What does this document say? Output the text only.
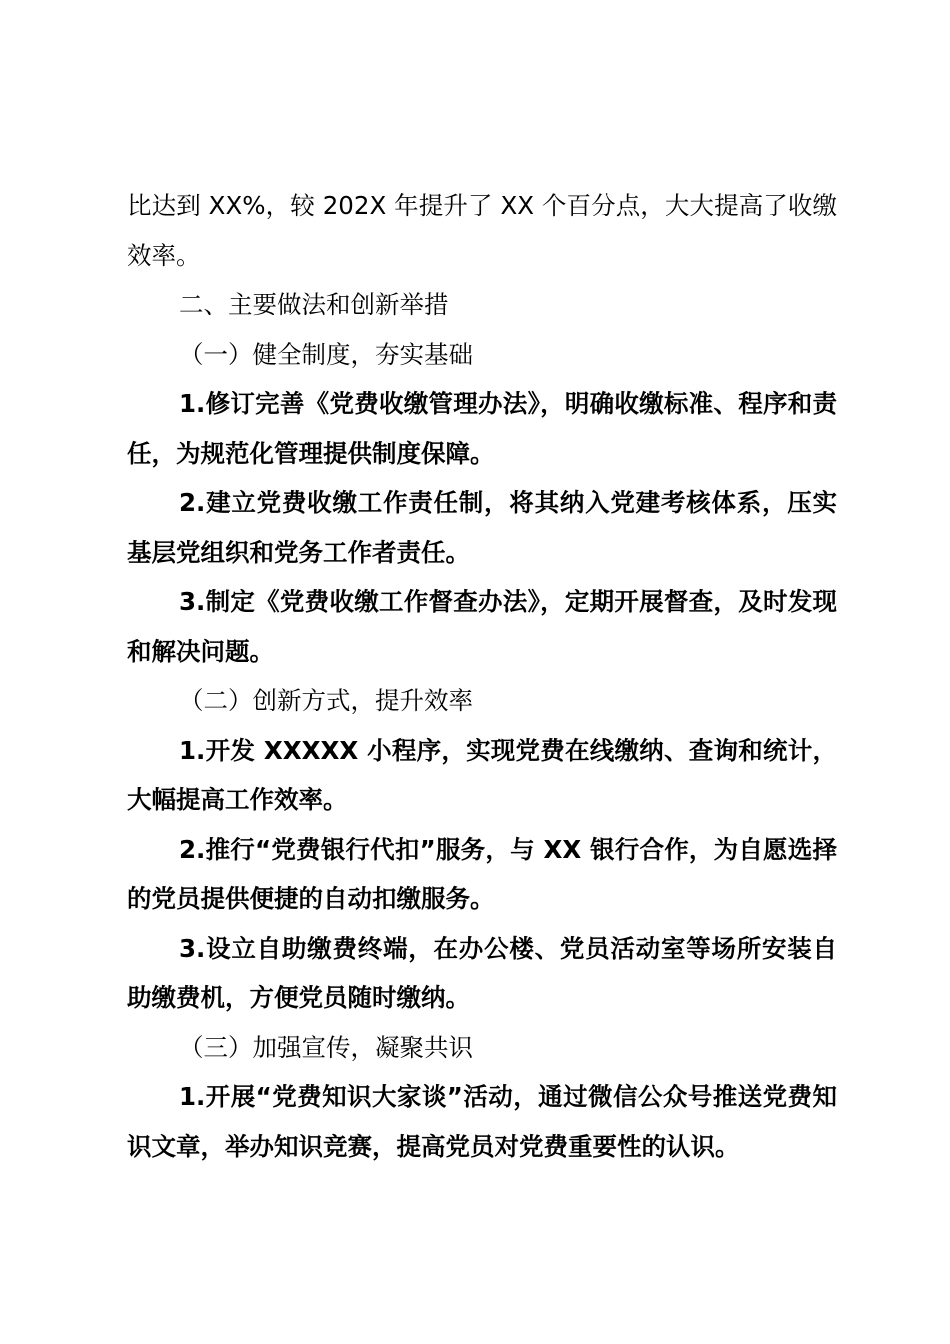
比达到 XX%，较 202X 年提升了 XX 个百分点，大大提高了收缴效率。

二、主要做法和创新举措

（一）健全制度，夯实基础

1.修订完善《党费收缴管理办法》，明确收缴标准、程序和责任，为规范化管理提供制度保障。

2.建立党费收缴工作责任制，将其纳入党建考核体系，压实基层党组织和党务工作者责任。

3.制定《党费收缴工作督查办法》，定期开展督查，及时发现和解决问题。

（二）创新方式，提升效率

1.开发 XXXXX 小程序，实现党费在线缴纳、查询和统计，大幅提高工作效率。

2.推行“党费银行代扣”服务，与 XX 银行合作，为自愿选择的党员提供便捷的自动扣缴服务。

3.设立自助缴费终端，在办公楼、党员活动室等场所安装自助缴费机，方便党员随时缴纳。

（三）加强宣传，凝聚共识

1.开展“党费知识大家谈”活动，通过微信公众号推送党费知识文章，举办知识竞赛，提高党员对党费重要性的认识。
